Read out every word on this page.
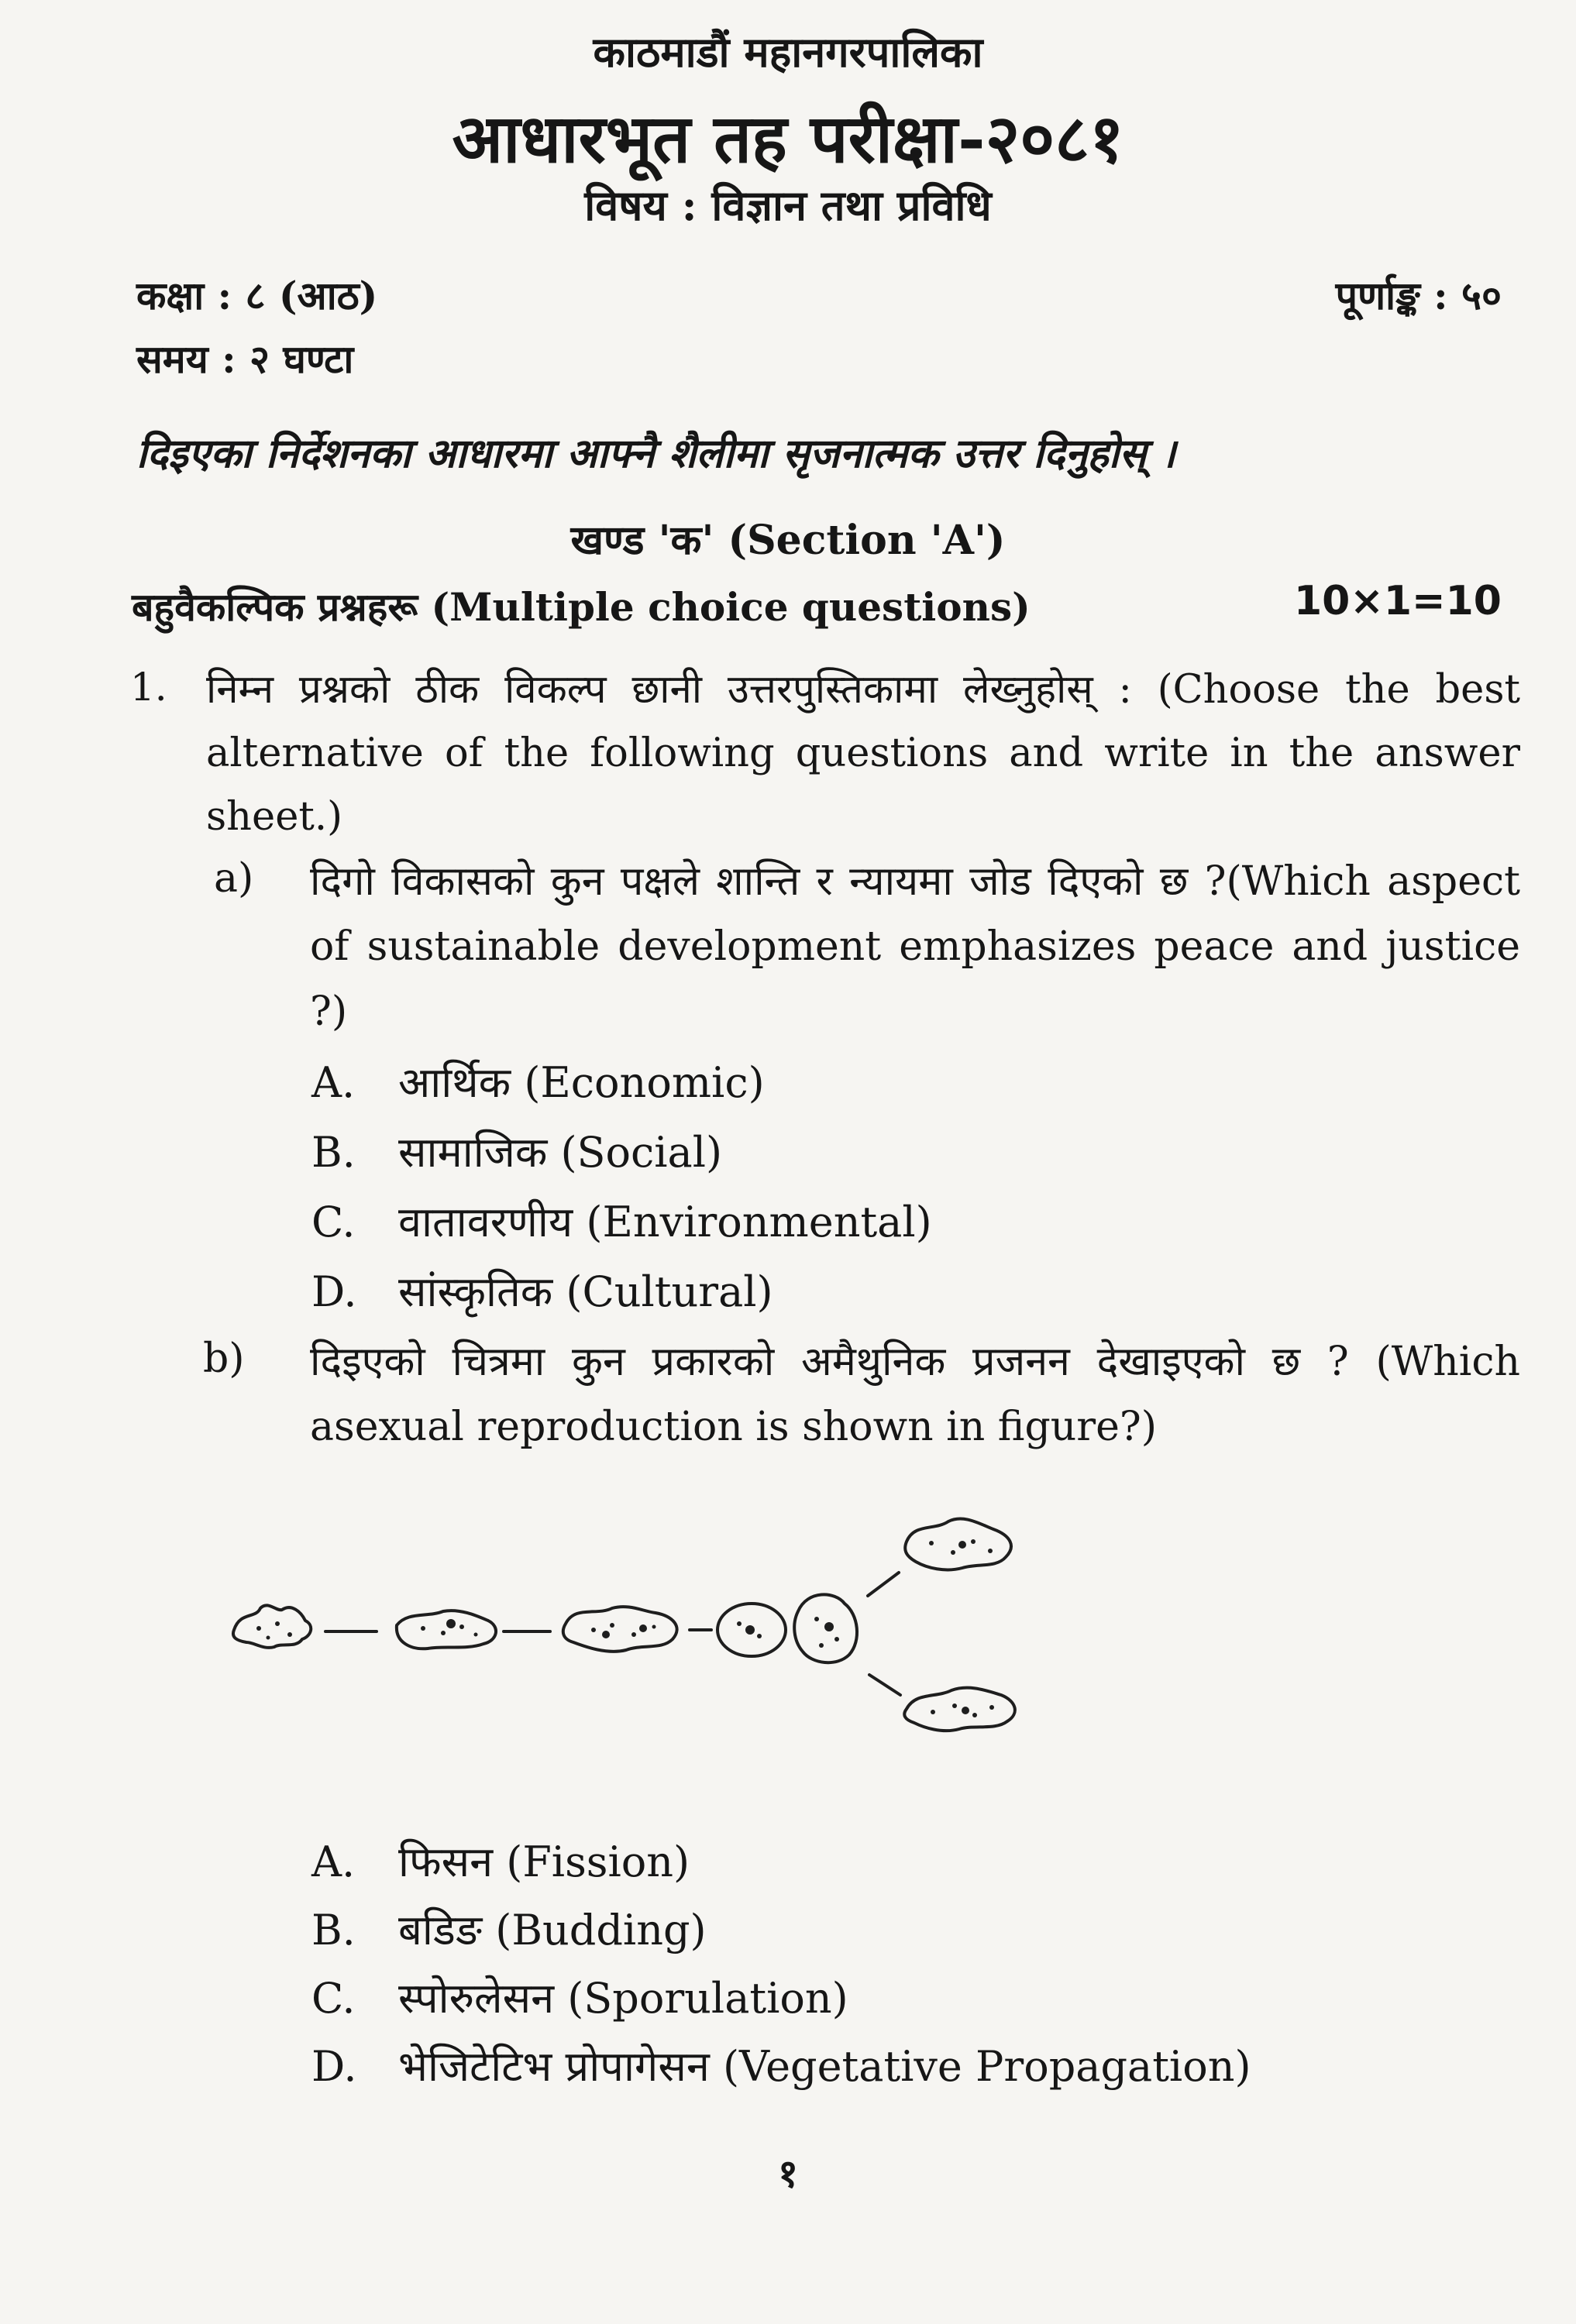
काठमाडौं महानगरपालिका
आधारभूत तह परीक्षा-२०८१
विषय : विज्ञान तथा प्रविधि
कक्षा : ८ (आठ)
समय : २ घण्टा
पूर्णाङ्क : ५०
दिइएका निर्देशनका आधारमा आफ्नै शैलीमा सृजनात्मक उत्तर दिनुहोस् ।
खण्ड 'क' (Section 'A')
बहुवैकल्पिक प्रश्नहरू (Multiple choice questions)	10×1=10
1. निम्न प्रश्नको ठीक विकल्प छानी उत्तरपुस्तिकामा लेख्नुहोस् : (Choose the best alternative of the following questions and write in the answer sheet.)
a) दिगो विकासको कुन पक्षले शान्ति र न्यायमा जोड दिएको छ ?(Which aspect of sustainable development emphasizes peace and justice ?)
A. आर्थिक (Economic)
B. सामाजिक (Social)
C. वातावरणीय (Environmental)
D. सांस्कृतिक (Cultural)
b) दिइएको चित्रमा कुन प्रकारको अमैथुनिक प्रजनन देखाइएको छ ? (Which asexual reproduction is shown in figure?)
A. फिसन (Fission)
B. बडिङ (Budding)
C. स्पोरुलेसन (Sporulation)
D. भेजिटेटिभ प्रोपागेसन (Vegetative Propagation)
१
